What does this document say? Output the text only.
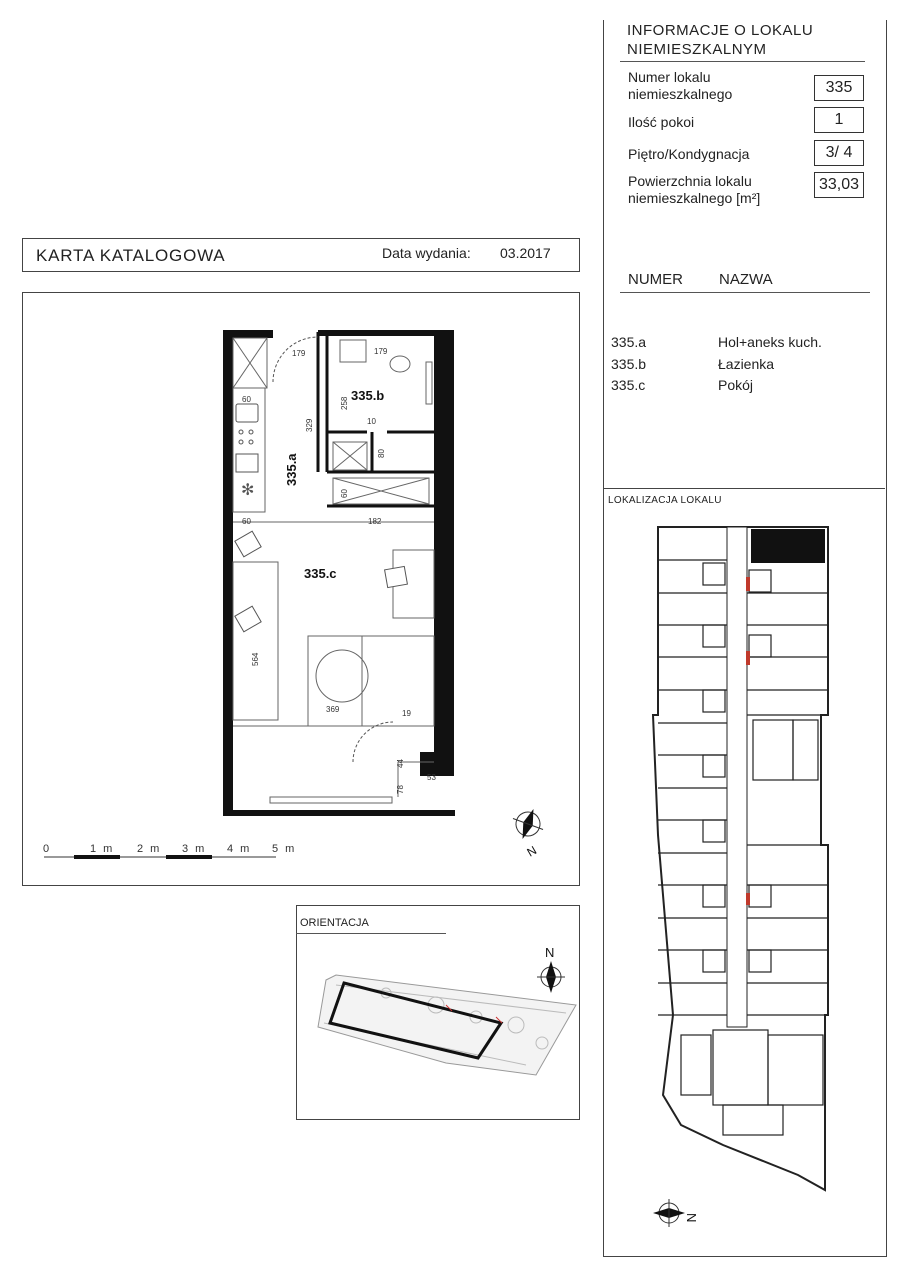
INFORMACJE O LOKALU
NIEMIESZKALNYM
Numer lokalu
niemieszkalnego	335
Ilość pokoi	1
Piętro/Kondygnacja	3/ 4
Powierzchnia lokalu
niemieszkalnego [m²]
33,03
NUMER NAZWA
335.a	Hol+aneks kuch.
335.b	Łazienka
335.c	Pokój
LOKALIZACJA LOKALU
KARTA KATALOGOWA	Data wydania: 03.2017
✻
179	179
60
329
258
10
80
60
182
60
564
369	19
44
53
78
335.b
335.a
335.c
0	1 m 2 m 3 m 4 m 5 m	N
ORIENTACJA
N
N
